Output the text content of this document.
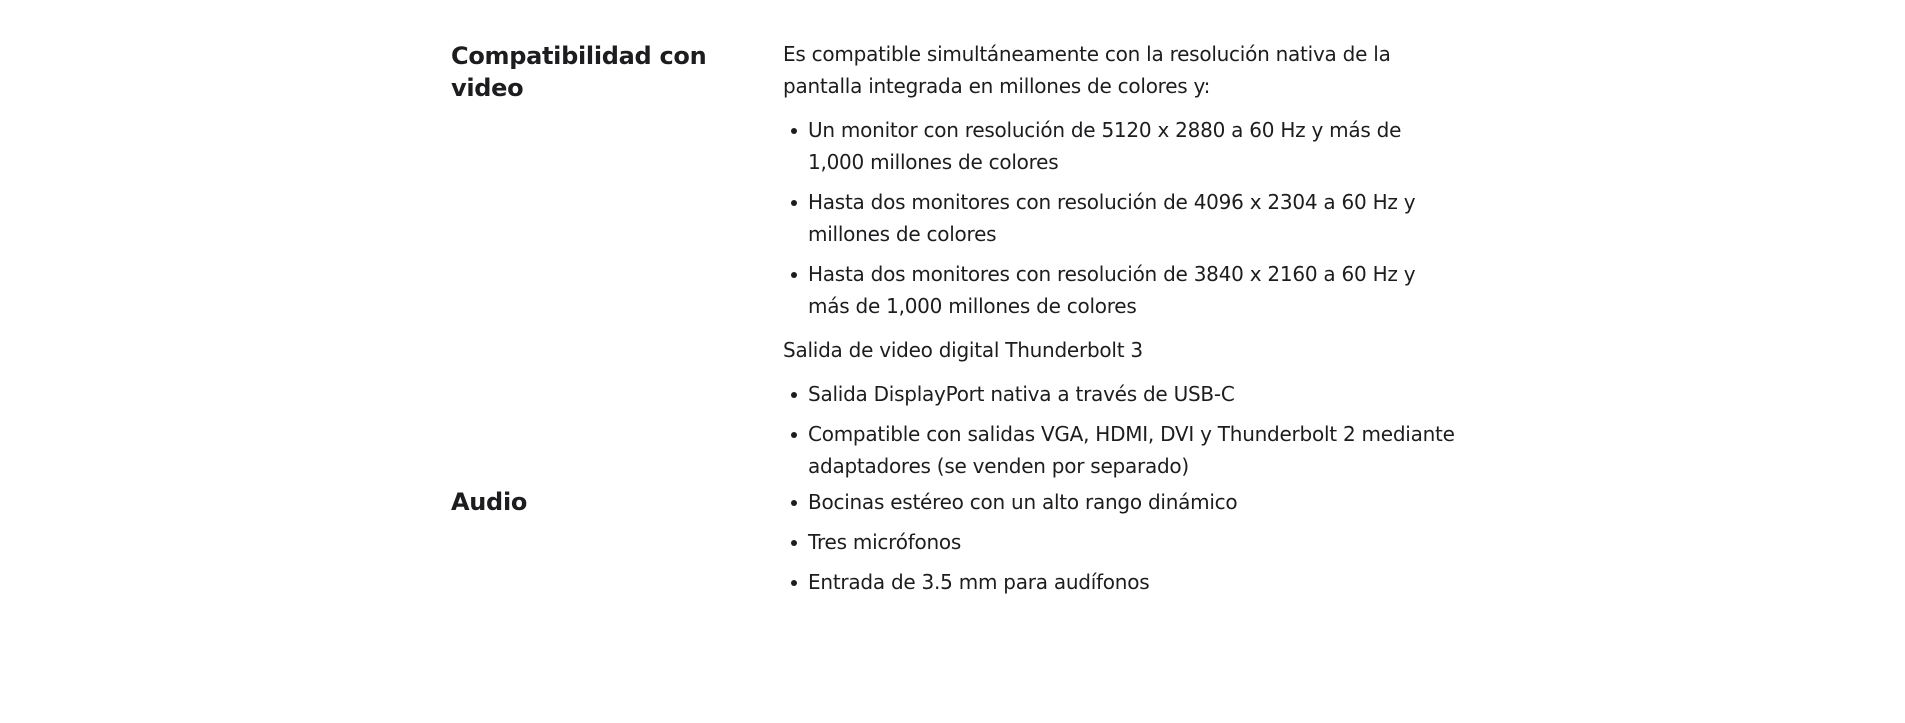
Compatibilidad con video

Es compatible simultáneamente con la resolución nativa de la pantalla integrada en millones de colores y:

Un monitor con resolución de 5120 x 2880 a 60 Hz y más de 1,000 millones de colores
Hasta dos monitores con resolución de 4096 x 2304 a 60 Hz y millones de colores
Hasta dos monitores con resolución de 3840 x 2160 a 60 Hz y más de 1,000 millones de colores

Salida de video digital Thunderbolt 3

Salida DisplayPort nativa a través de USB-C
Compatible con salidas VGA, HDMI, DVI y Thunderbolt 2 mediante adaptadores (se venden por separado)
Audio	Bocinas estéreo con un alto rango dinámico
Tres micrófonos
Entrada de 3.5 mm para audífonos
